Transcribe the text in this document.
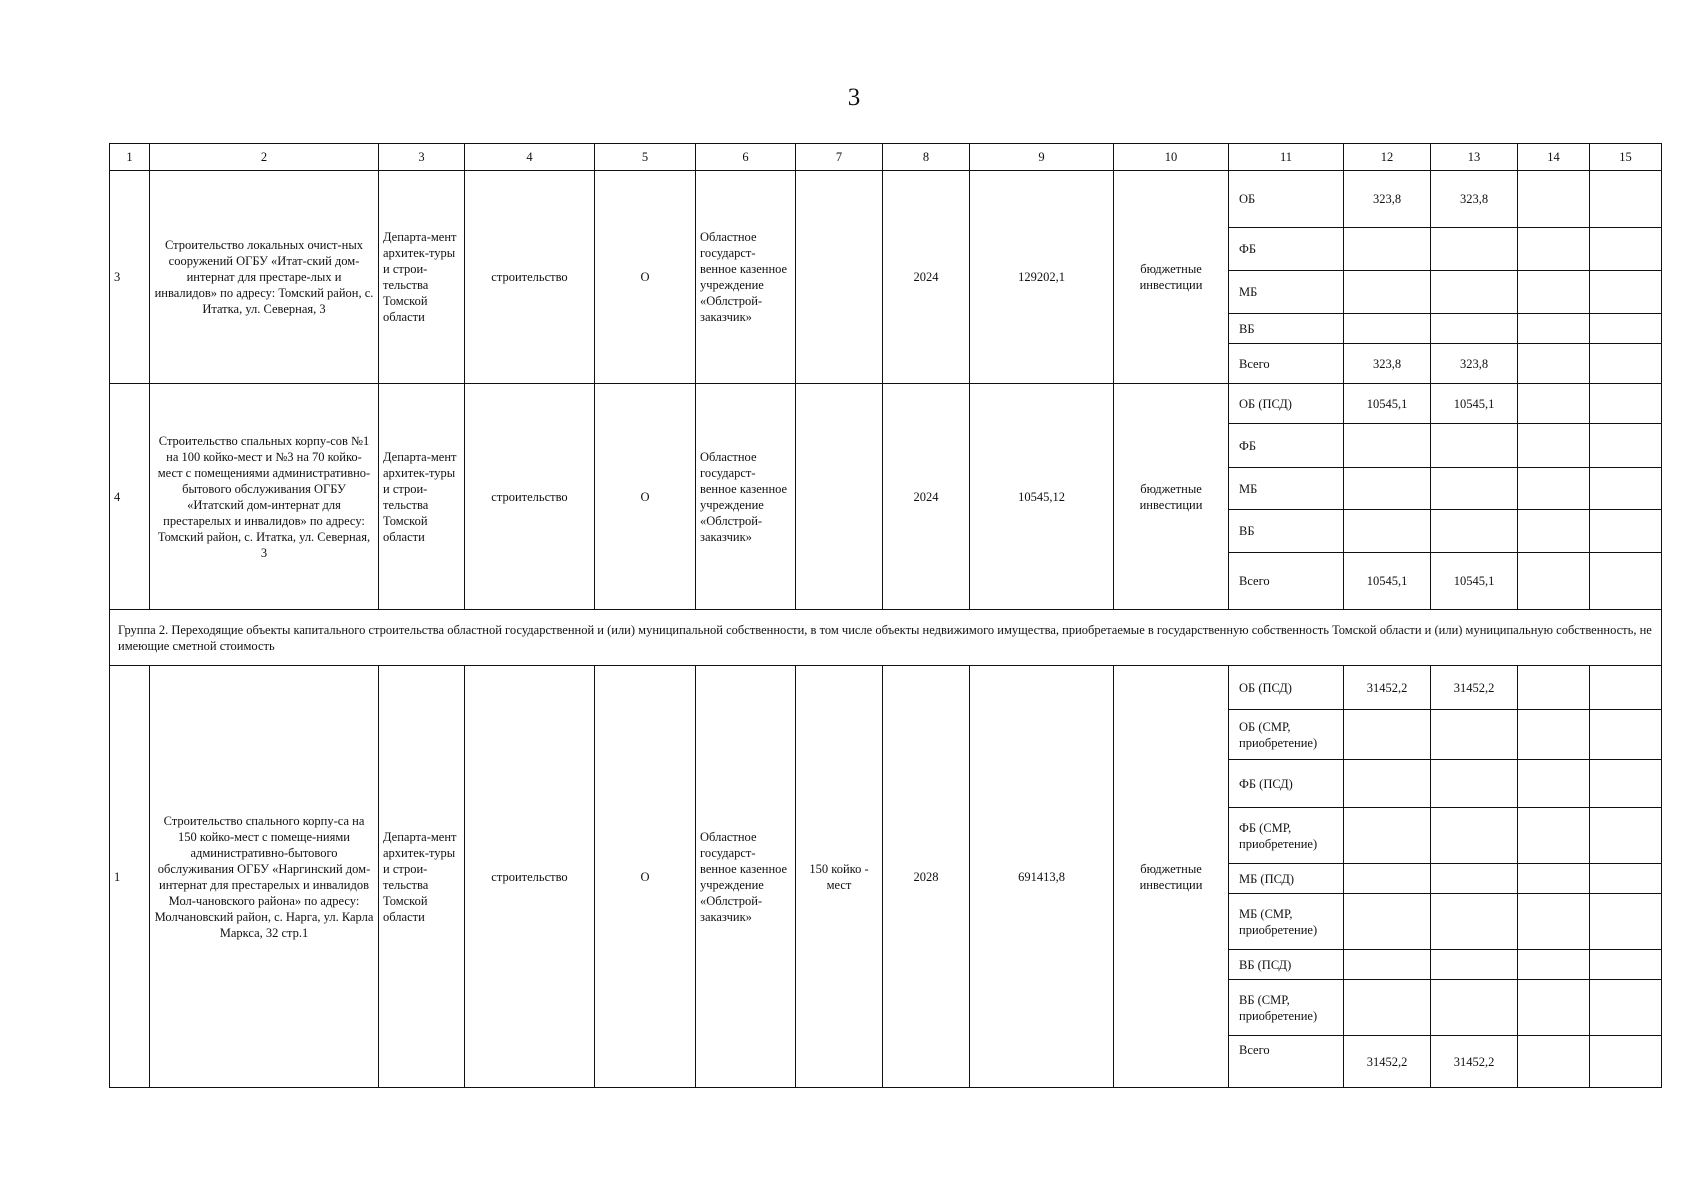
3
1	2	3	4	5	6	7	8	9	10	11	12	13	14	15
3	Строительство локальных очист-ных сооружений ОГБУ «Итат-ский дом-интернат для престаре-лых и инвалидов» по адресу: Томский район, с. Итатка, ул. Северная, 3	Департа-мент архитек-туры и строи-тельства Томской области	строительство	О	Областное государст-венное казенное учреждение «Облстрой-заказчик»		2024	129202,1	бюджетные инвестиции	ОБ	323,8	323,8		
										ФБ				
										МБ				
										ВБ				
										Всего	323,8	323,8		
4	Строительство спальных корпу-сов №1 на 100 койко-мест и №3 на 70 койко-мест с помещениями административно-бытового обслуживания ОГБУ «Итатский дом-интернат для престарелых и инвалидов» по адресу: Томский район, с. Итатка, ул. Северная, 3	Департа-мент архитек-туры и строи-тельства Томской области	строительство	О	Областное государст-венное казенное учреждение «Облстрой-заказчик»		2024	10545,12	бюджетные инвестиции	ОБ (ПСД)	10545,1	10545,1		
										ФБ				
										МБ				
										ВБ				
										Всего	10545,1	10545,1		
Группа 2. Переходящие объекты капитального строительства областной государственной и (или) муниципальной собственности, в том числе объекты недвижимого имущества, приобретаемые в государственную собственность Томской области и (или) муниципальную собственность, не имеющие сметной стоимость														
1	Строительство спального корпу-са на 150 койко-мест с помеще-ниями административно-бытового обслуживания ОГБУ «Наргинский дом-интернат для престарелых и инвалидов Мол-чановского района» по адресу: Молчановский район, с. Нарга, ул. Карла Маркса, 32 стр.1	Департа-мент архитек-туры и строи-тельства Томской области	строительство	О	Областное государст-венное казенное учреждение «Облстрой-заказчик»	150 койко - мест	2028	691413,8	бюджетные инвестиции	ОБ (ПСД)	31452,2	31452,2		
										ОБ (СМР, приобретение)				
										ФБ (ПСД)				
										ФБ (СМР, приобретение)				
										МБ (ПСД)				
										МБ (СМР, приобретение)				
										ВБ (ПСД)				
										ВБ (СМР, приобретение)				
										Всего	31452,2	31452,2		
